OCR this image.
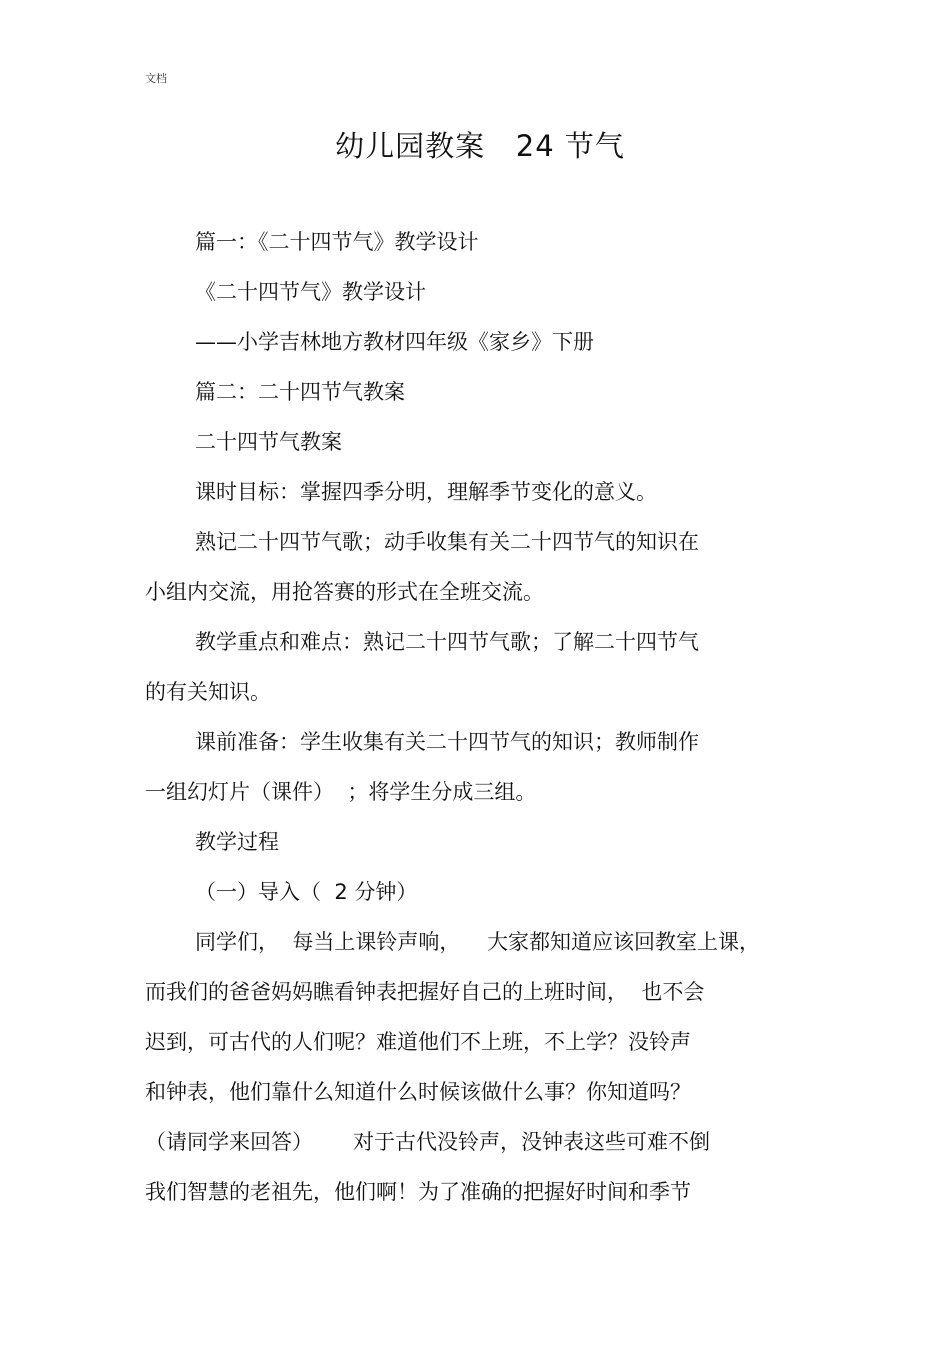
文档
幼儿园教案   24 节气
篇一：《二十四节气》教学设计
《二十四节气》教学设计
——小学吉林地方教材四年级《家乡》下册
篇二：二十四节气教案
二十四节气教案
课时目标：掌握四季分明，理解季节变化的意义。
熟记二十四节气歌；动手收集有关二十四节气的知识在
小组内交流，用抢答赛的形式在全班交流。
教学重点和难点：熟记二十四节气歌；了解二十四节气
的有关知识。
课前准备：学生收集有关二十四节气的知识；教师制作
一组幻灯片（课件）  ；将学生分成三组。
教学过程
（一）导入（  2 分钟）
同学们，  每当上课铃声响，    大家都知道应该回教室上课，
而我们的爸爸妈妈瞧看钟表把握好自己的上班时间，  也不会
迟到，可古代的人们呢？难道他们不上班，不上学？没铃声
和钟表，他们靠什么知道什么时候该做什么事？你知道吗？
（请同学来回答）      对于古代没铃声，没钟表这些可难不倒
我们智慧的老祖先，他们啊！为了准确的把握好时间和季节
